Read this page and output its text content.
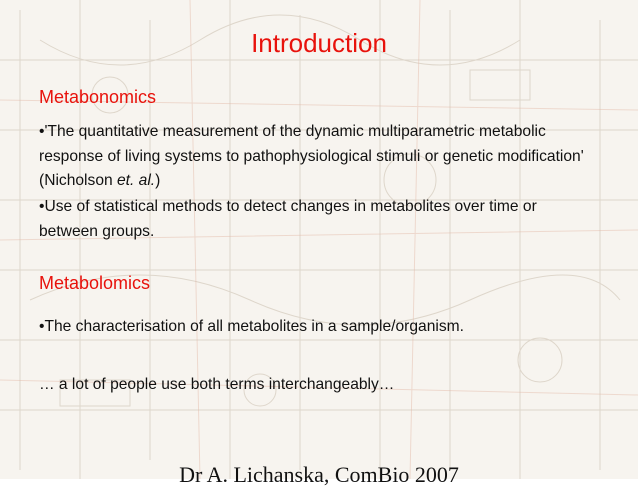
Introduction
Metabonomics
•'The quantitative measurement of the dynamic multiparametric metabolic response of living systems to pathophysiological stimuli or genetic modification' (Nicholson et. al.)
•Use of statistical methods to detect changes in metabolites over time or between groups.
Metabolomics
•The characterisation of all metabolites in a sample/organism.
… a lot of people use both terms interchangeably…
Dr A. Lichanska, ComBio 2007
